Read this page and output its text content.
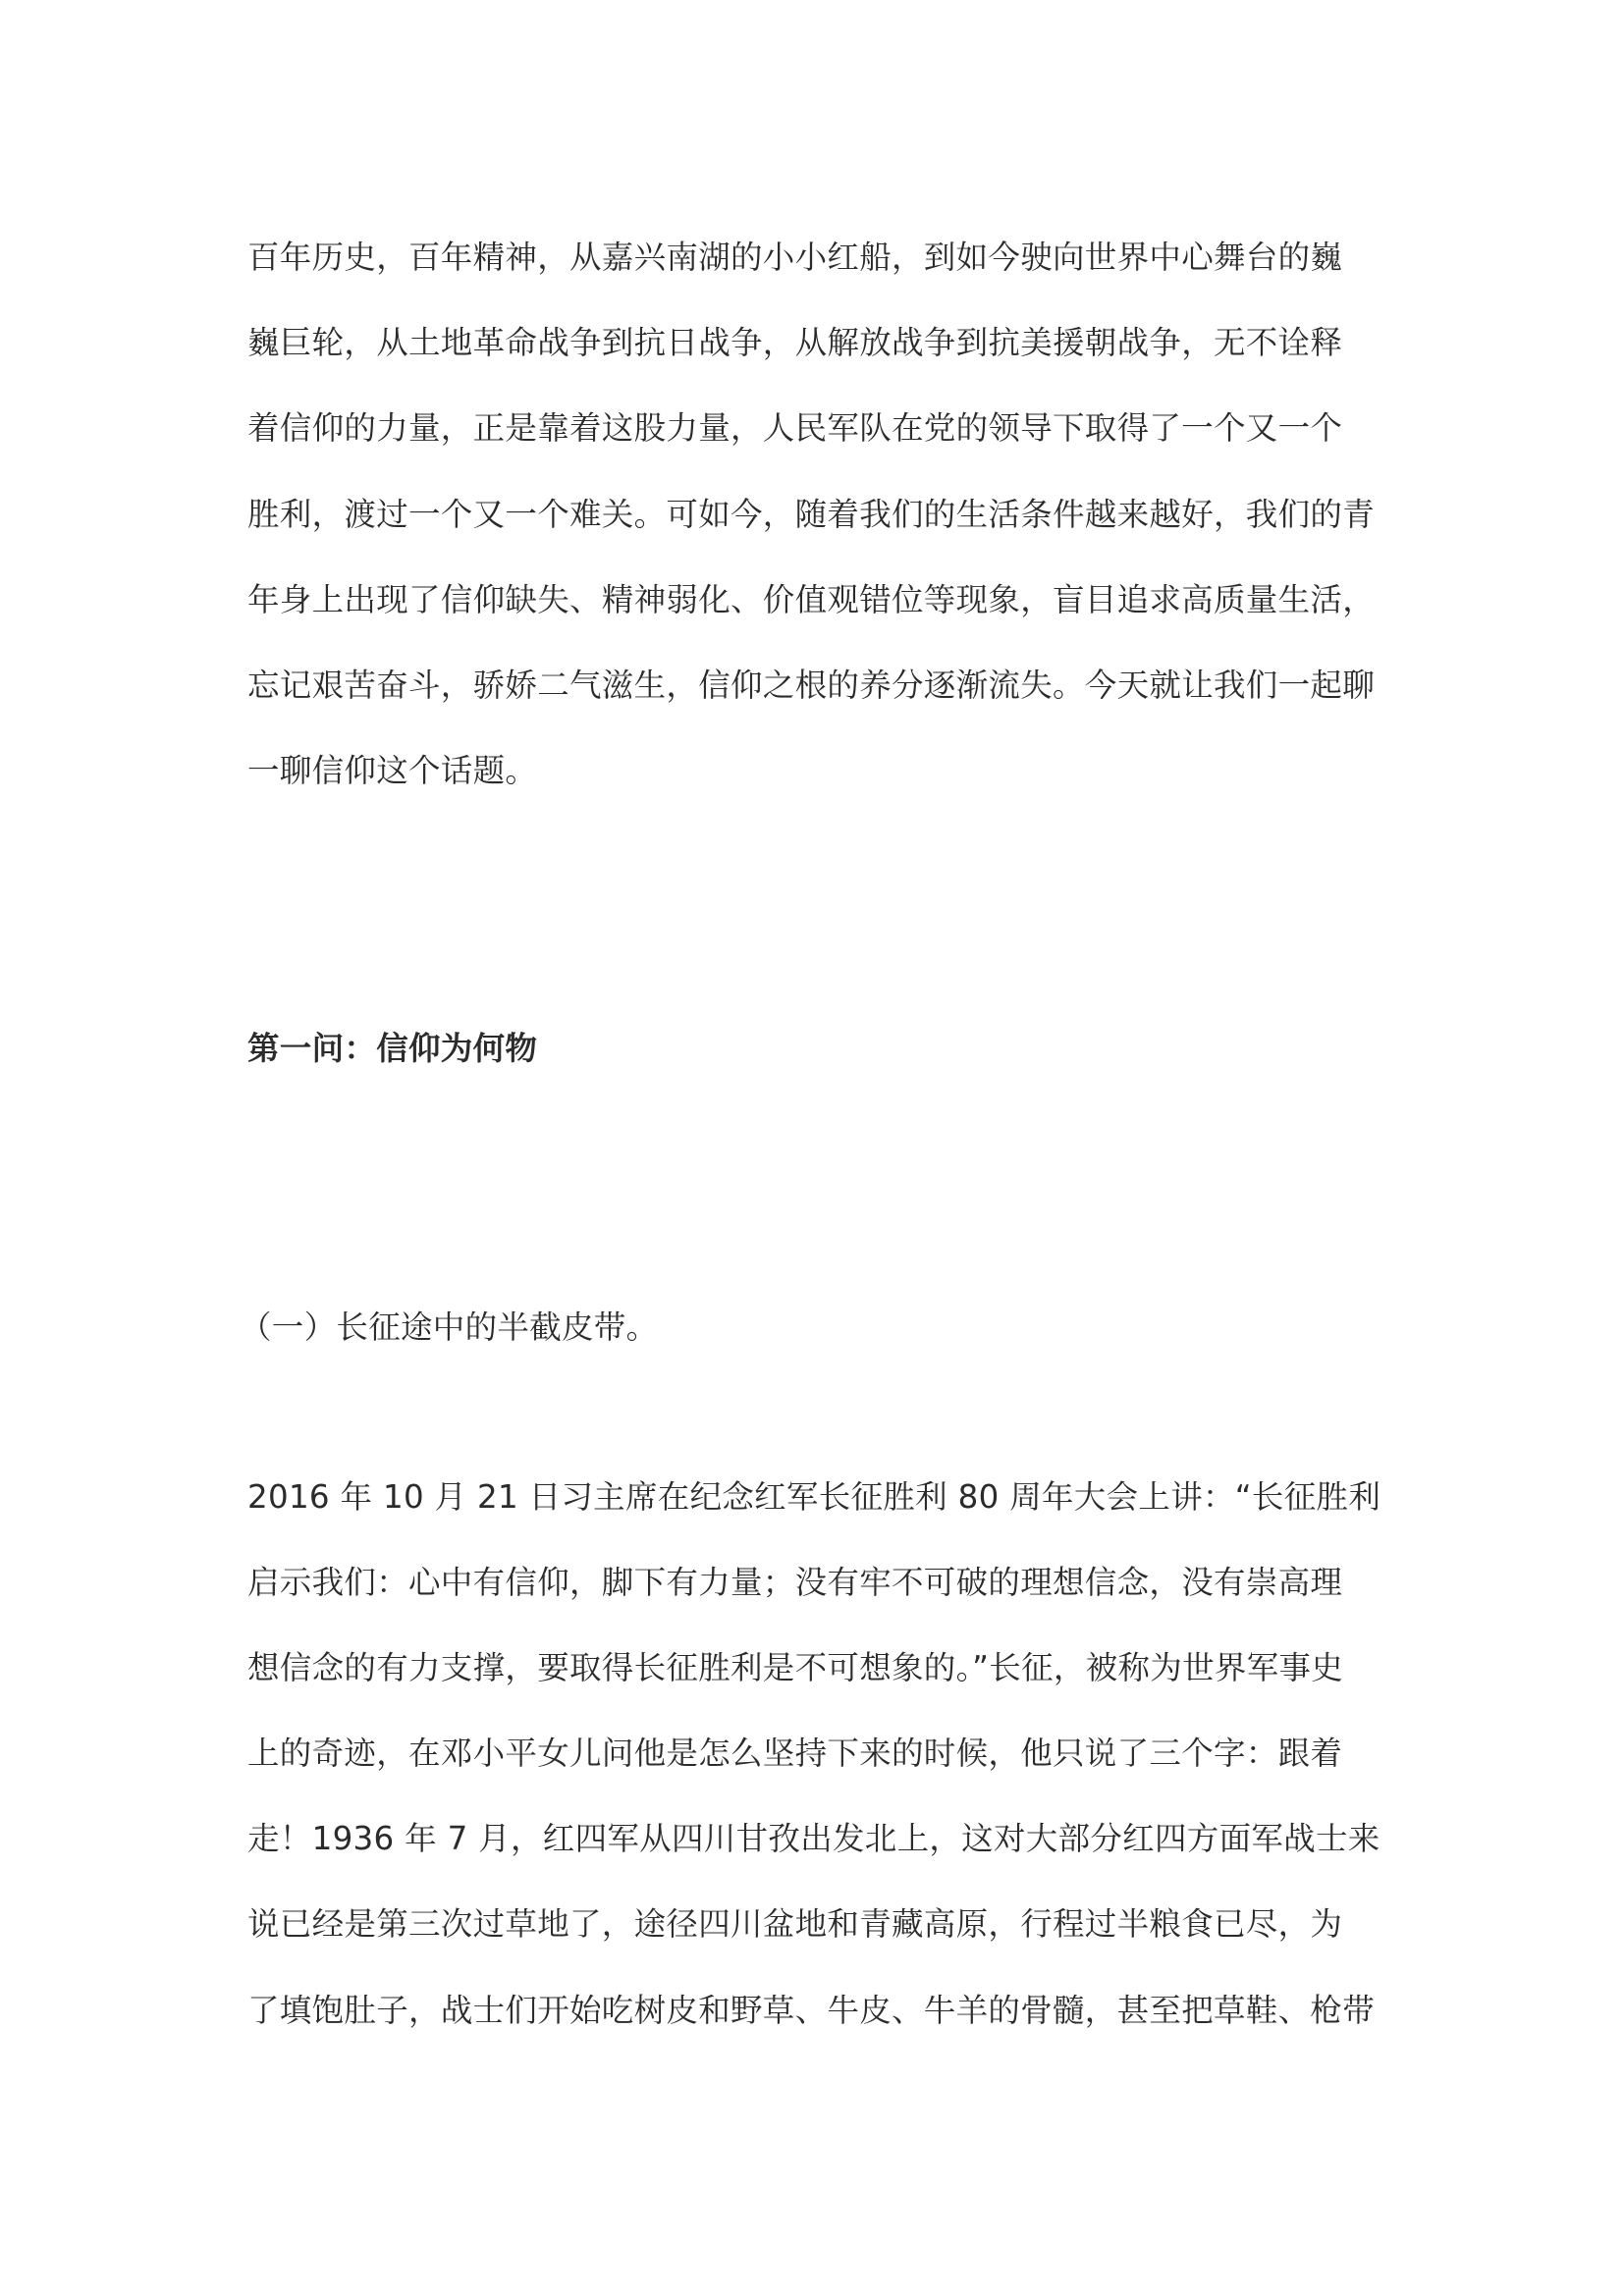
百年历史，百年精神，从嘉兴南湖的小小红船，到如今驶向世界中心舞台的巍
巍巨轮，从土地革命战争到抗日战争，从解放战争到抗美援朝战争，无不诠释
着信仰的力量，正是靠着这股力量，人民军队在党的领导下取得了一个又一个
胜利，渡过一个又一个难关。可如今，随着我们的生活条件越来越好，我们的青
年身上出现了信仰缺失、精神弱化、价值观错位等现象，盲目追求高质量生活，
忘记艰苦奋斗，骄娇二气滋生，信仰之根的养分逐渐流失。今天就让我们一起聊
一聊信仰这个话题。
第一问：信仰为何物
（一）长征途中的半截皮带。
2016 年 10 月 21 日习主席在纪念红军长征胜利 80 周年大会上讲：“长征胜利
启示我们：心中有信仰，脚下有力量；没有牢不可破的理想信念，没有崇高理
想信念的有力支撑，要取得长征胜利是不可想象的。”长征，被称为世界军事史
上的奇迹，在邓小平女儿问他是怎么坚持下来的时候，他只说了三个字：跟着
走！1936 年 7 月，红四军从四川甘孜出发北上，这对大部分红四方面军战士来
说已经是第三次过草地了，途径四川盆地和青藏高原，行程过半粮食已尽，为
了填饱肚子，战士们开始吃树皮和野草、牛皮、牛羊的骨髓，甚至把草鞋、枪带
